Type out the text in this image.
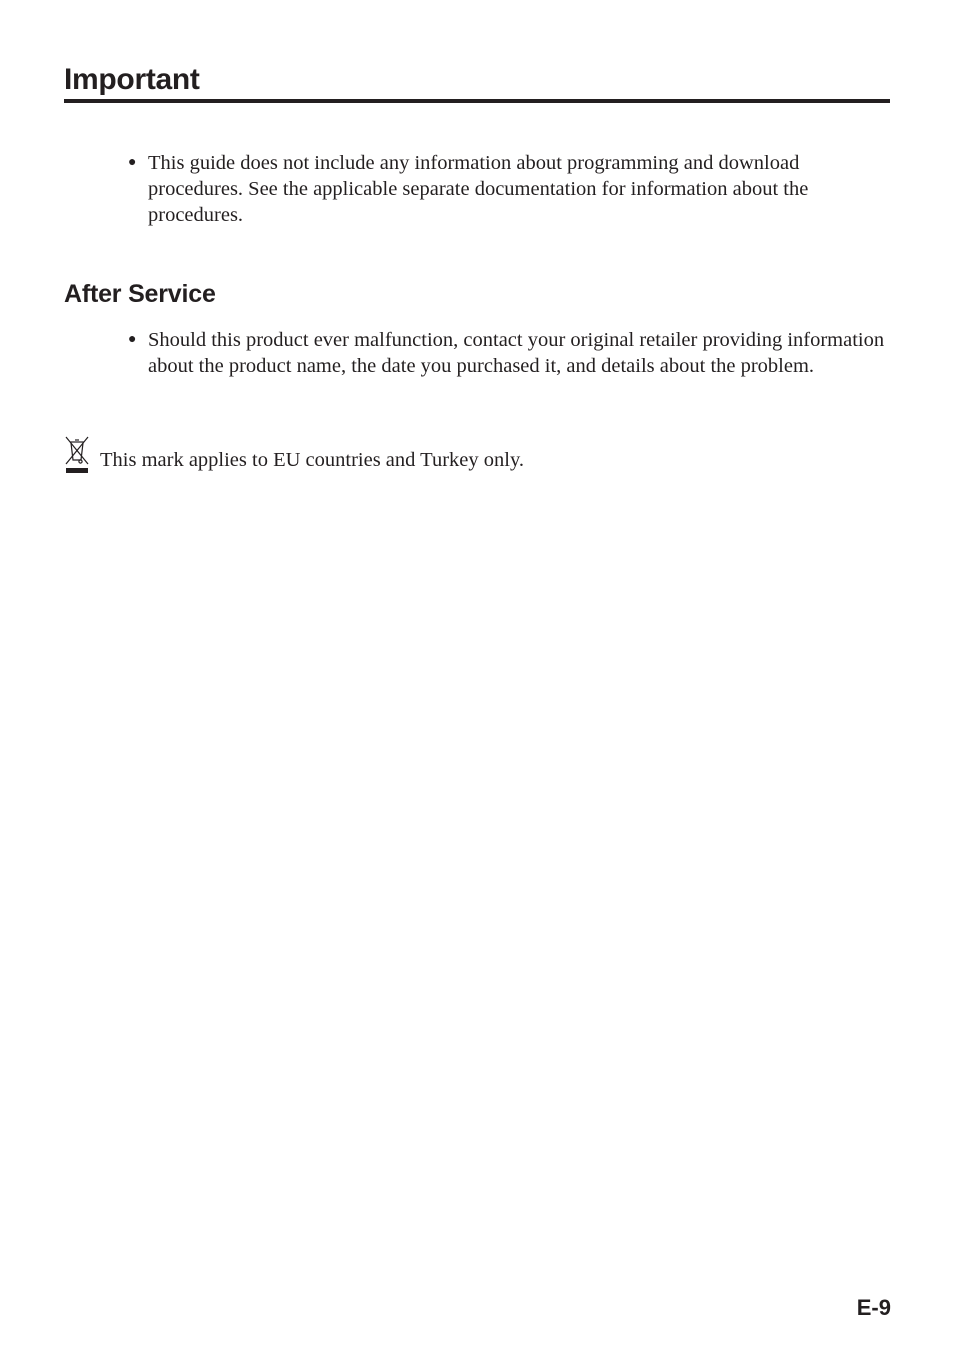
Important
● This guide does not include any information about programming and download procedures. See the applicable separate documentation for information about the procedures.
After Service
● Should this product ever malfunction, contact your original retailer providing information about the product name, the date you purchased it, and details about the problem.
This mark applies to EU countries and Turkey only.
E-9
